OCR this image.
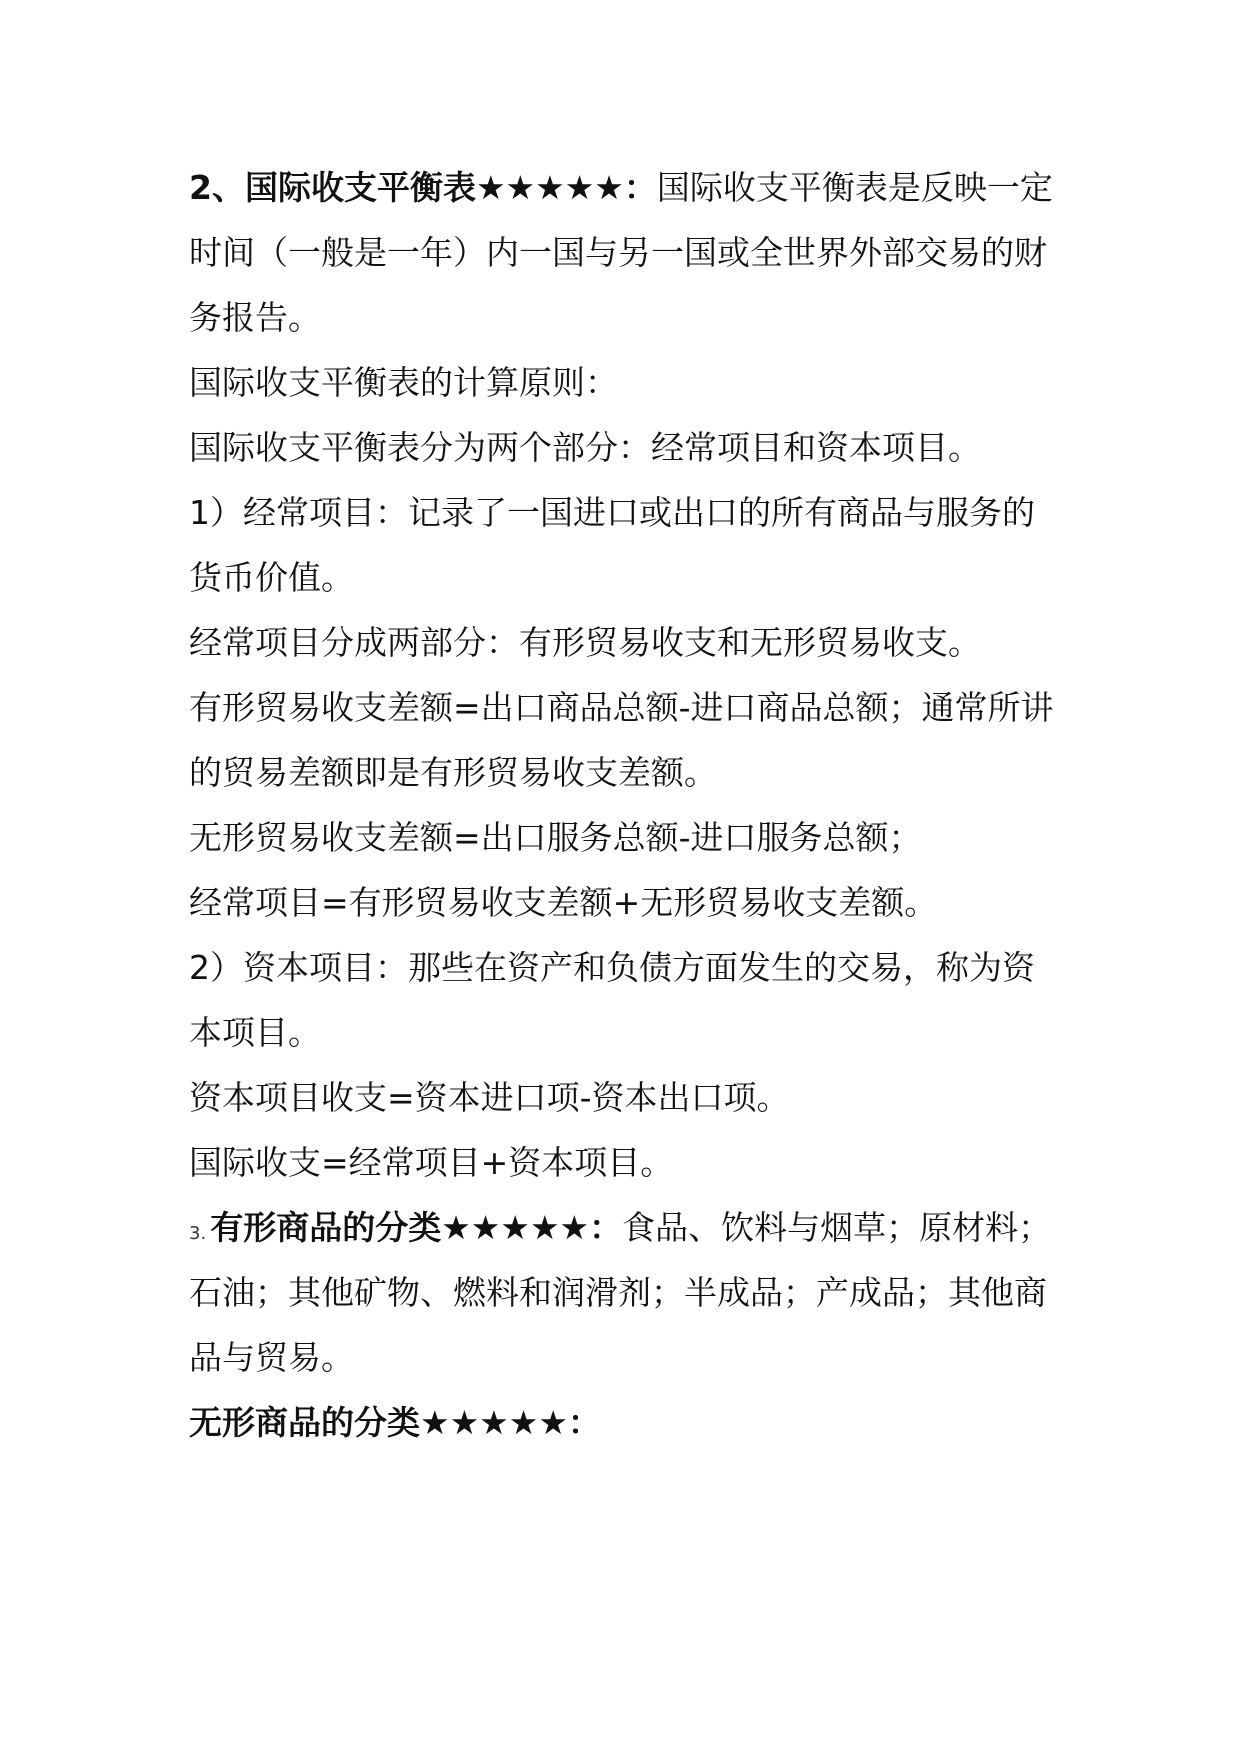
2、国际收支平衡表★★★★★：国际收支平衡表是反映一定

时间（一般是一年）内一国与另一国或全世界外部交易的财

务报告。

国际收支平衡表的计算原则：

国际收支平衡表分为两个部分：经常项目和资本项目。

1）经常项目：记录了一国进口或出口的所有商品与服务的

货币价值。

经常项目分成两部分：有形贸易收支和无形贸易收支。

有形贸易收支差额=出口商品总额-进口商品总额；通常所讲

的贸易差额即是有形贸易收支差额。

无形贸易收支差额=出口服务总额-进口服务总额；

经常项目=有形贸易收支差额+无形贸易收支差额。

2）资本项目：那些在资产和负债方面发生的交易，称为资

本项目。

资本项目收支=资本进口项-资本出口项。

国际收支=经常项目+资本项目。

3. 有形商品的分类★★★★★：食品、饮料与烟草；原材料；

石油；其他矿物、燃料和润滑剂；半成品；产成品；其他商

品与贸易。

无形商品的分类★★★★★：
